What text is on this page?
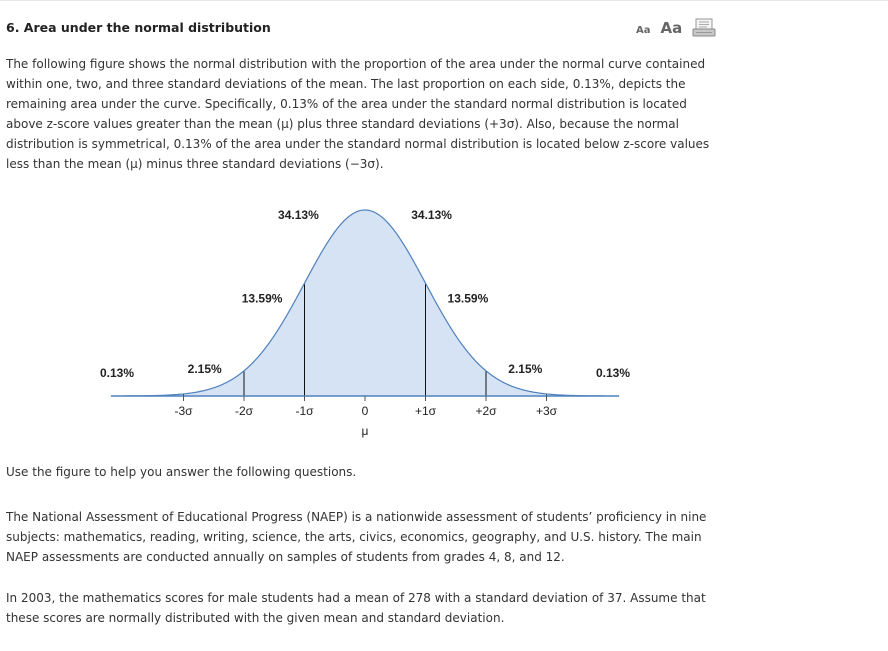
6. Area under the normal distribution	Aa Aa

The following figure shows the normal distribution with the proportion of the area under the normal curve contained within one, two, and three standard deviations of the mean. The last proportion on each side, 0.13%, depicts the remaining area under the curve. Specifically, 0.13% of the area under the standard normal distribution is located above z-score values greater than the mean (μ) plus three standard deviations (+3σ). Also, because the normal distribution is symmetrical, 0.13% of the area under the standard normal distribution is located below z-score values less than the mean (μ) minus three standard deviations (−3σ).

-3σ	-2σ	-1σ	0	+1σ	+2σ	+3σ
μ
0.13%	2.15%
13.59%
34.13%	34.13%
13.59%
2.15%	0.13%

Use the figure to help you answer the following questions.

The National Assessment of Educational Progress (NAEP) is a nationwide assessment of students’ proficiency in nine subjects: mathematics, reading, writing, science, the arts, civics, economics, geography, and U.S. history. The main NAEP assessments are conducted annually on samples of students from grades 4, 8, and 12.

In 2003, the mathematics scores for male students had a mean of 278 with a standard deviation of 37. Assume that these scores are normally distributed with the given mean and standard deviation.
